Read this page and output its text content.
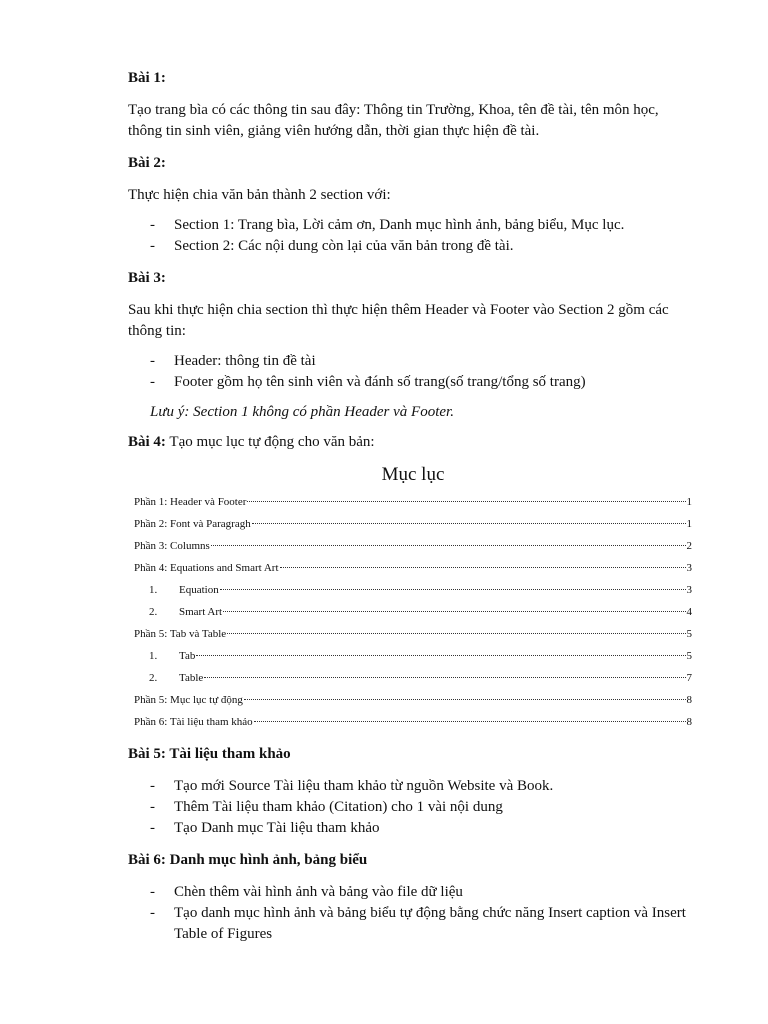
Bài 1:

Tạo trang bìa có các thông tin sau đây: Thông tin Trường, Khoa, tên đề tài, tên môn học, thông tin sinh viên, giảng viên hướng dẫn, thời gian thực hiện đề tài.

Bài 2:

Thực hiện chia văn bản thành 2 section với:

- Section 1: Trang bìa, Lời cảm ơn, Danh mục hình ảnh, bảng biểu, Mục lục.
- Section 2: Các nội dung còn lại của văn bản trong đề tài.

Bài 3:

Sau khi thực hiện chia section thì thực hiện thêm Header và Footer vào Section 2 gồm các thông tin:

- Header: thông tin đề tài
- Footer gồm họ tên sinh viên và đánh số trang(số trang/tổng số trang)

Lưu ý: Section 1 không có phần Header và Footer.

Bài 4: Tạo mục lục tự động cho văn bản:

Mục lục
Phần 1: Header và Footer	1
Phần 2: Font và Paragragh	1
Phần 3: Columns	2
Phần 4: Equations and Smart Art	3
1.	Equation	3
2.	Smart Art	4
Phần 5: Tab và Table	5
1.	Tab	5
2.	Table	7
Phần 5: Mục lục tự động	8
Phần 6: Tài liệu tham khảo	8

Bài 5: Tài liệu tham khảo

- Tạo mới Source Tài liệu tham khảo từ nguồn Website và Book.
- Thêm Tài liệu tham khảo (Citation) cho 1 vài nội dung
- Tạo Danh mục Tài liệu tham khảo

Bài 6: Danh mục hình ảnh, bảng biểu

- Chèn thêm vài hình ảnh và bảng vào file dữ liệu
- Tạo danh mục hình ảnh và bảng biểu tự động bằng chức năng Insert caption và Insert Table of Figures
